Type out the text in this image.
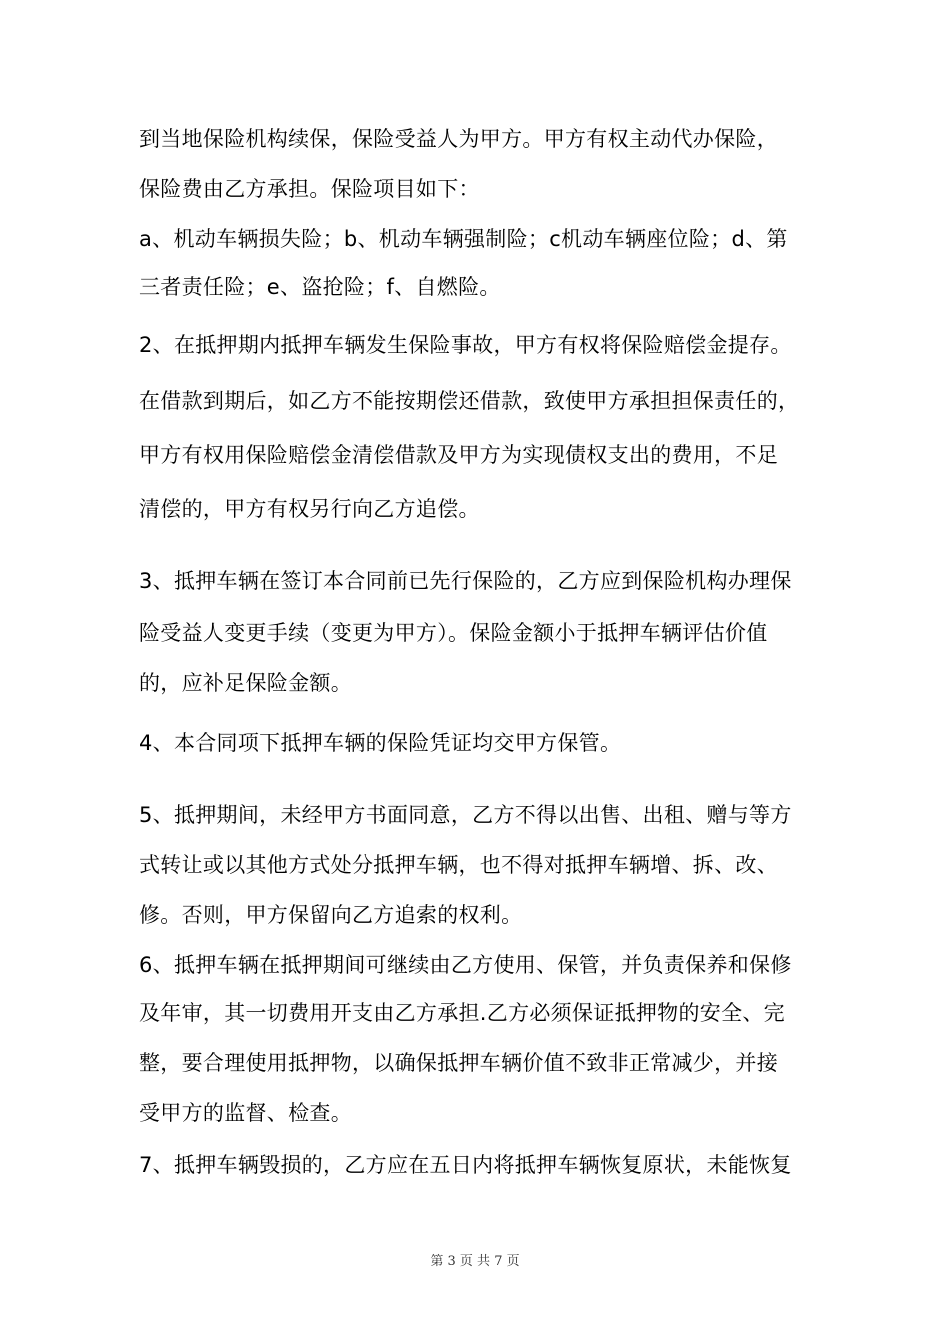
到当地保险机构续保，保险受益人为甲方。甲方有权主动代办保险，
保险费由乙方承担。保险项目如下：
a、机动车辆损失险；b、机动车辆强制险；c机动车辆座位险；d、第
三者责任险；e、盗抢险；f、自燃险。
2、在抵押期内抵押车辆发生保险事故，甲方有权将保险赔偿金提存。
在借款到期后，如乙方不能按期偿还借款，致使甲方承担担保责任的，
甲方有权用保险赔偿金清偿借款及甲方为实现债权支出的费用，不足
清偿的，甲方有权另行向乙方追偿。
3、抵押车辆在签订本合同前已先行保险的，乙方应到保险机构办理保
险受益人变更手续（变更为甲方）。保险金额小于抵押车辆评估价值
的，应补足保险金额。
4、本合同项下抵押车辆的保险凭证均交甲方保管。
5、抵押期间，未经甲方书面同意，乙方不得以出售、出租、赠与等方
式转让或以其他方式处分抵押车辆，也不得对抵押车辆增、拆、改、
修。否则，甲方保留向乙方追索的权利。
6、抵押车辆在抵押期间可继续由乙方使用、保管，并负责保养和保修
及年审，其一切费用开支由乙方承担.乙方必须保证抵押物的安全、完
整，要合理使用抵押物，以确保抵押车辆价值不致非正常减少，并接
受甲方的监督、检查。
7、抵押车辆毁损的，乙方应在五日内将抵押车辆恢复原状，未能恢复
第 3 页 共 7 页
